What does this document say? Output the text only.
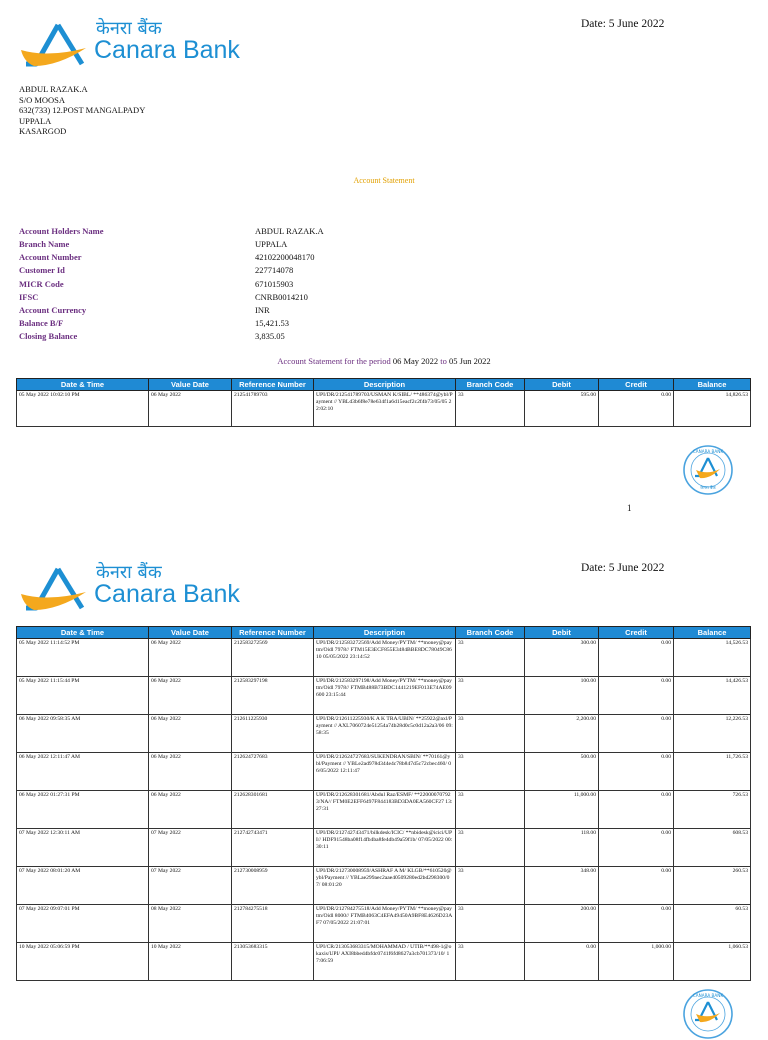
केनरा बैंक
Canara Bank
Date: 5 June 2022
ABDUL RAZAK.A
S/O MOOSA
632(733) 12.POST MANGALPADY
UPPALA
KASARGOD
Account Statement
Account Holders Name	ABDUL RAZAK.A
Branch Name	UPPALA
Account Number	42102200048170
Customer Id	227714078
MICR Code	671015903
IFSC	CNRB0014210
Account Currency	INR
Balance B/F	15,421.53
Closing Balance	3,835.05
Account Statement for the period 06 May 2022 to 05 Jun 2022
Date & Time	Value Date	Reference Number	Description	Branch Code	Debit	Credit	Balance
05 May 2022 10:02:10 PM	06 May 2022	212541789703	UPI/DR/212541789703/USMAN K/SIBL/ **486374@ybl/Payment // YBLd3b6f8e78e634f1a6d15eacf2c2f4b73/05/05 22:02:10	33	595.00	0.00	14,826.53
CANARA BANK
केनरा बैंक
1
केनरा बैंक
Canara Bank
Date: 5 June 2022
Date & Time	Value Date	Reference Number	Description	Branch Code	Debit	Credit	Balance
05 May 2022 11:14:52 PM	06 May 2022	212583272569	UPI/DR/212583272569/Add Money/PYTM/ **money@paytm/Oidl 7978// FTM15E3ECF855E3484BBE8DC78049C8610 05/05/2022 23:14:52	33	300.00	0.00	14,526.53
05 May 2022 11:15:44 PM	06 May 2022	212583297198	UPI/DR/212583297198/Add Money/PYTM/ **money@paytm/Oidl 7978// FTMB488B73BDC1441219EF013E74AE09600 23:15:44	33	100.00	0.00	14,426.53
06 May 2022 09:58:35 AM	06 May 2022	212611225930	UPI/DR/212611225930/K A K TRA/UBIN/ **25922@axl/Payment // AXL7060724e51254a74b28d0c5c0d12a2a3/06 09:58:35	33	2,200.00	0.00	12,226.53
06 May 2022 12:11:47 AM	06 May 2022	212624727683	UPI/DR/212624727683/SUKENDRAN/SBIN/ **70161@ybl/Payment // YBLe2ad978d344e4c78b847d5c72cbec460/ 06/05/2022 12:11:47	33	500.00	0.00	11,726.53
06 May 2022 01:27:31 PM	06 May 2022	212628301681	UPI/DR/212628301681/Abdul Raz/ESMF/ **220000707923/NA// FTM0E2EFF6497F844183BD3DA0EA560CF27 13:27:31	33	11,000.00	0.00	726.53
07 May 2022 12:30:11 AM	07 May 2022	212742743471	UPI/DR/212742743471/bilkdesk/ICIC/ **nbidesk@icici/UPI// HDF91548ba08f14fb4ba8fe4db49a59f1b/ 07/05/2022 00:30:11	33	118.00	0.00	608.53
07 May 2022 08:01:20 AM	07 May 2022	212730008959	UPI/DR/212730008959/ASHRAF A M/ KLGB/**610520@ybl/Payment // YBLae299aec2aae40509280ed2bd298300/07/ 08:01:20	33	348.00	0.00	260.53
07 May 2022 09:07:01 PM	08 May 2022	212784275518	UPI/DR/212784275518/Add Money/PYTM/ **money@paytm/Oidl 8000// FTMB4063C4EFA49450A9BF8E4626D23AF7 07/05/2022 21:07:01	33	200.00	0.00	60.53
10 May 2022 05:06:59 PM	10 May 2022	213053683315	UPI/CR/213053683315/MOHAMMAD / UTIB/**498-1@okaxis/UPI/ AXI8bbed4bfdc0741f6fd8627a3cb701373/10/ 17:06:59	33	0.00	1,000.00	1,060.53
CANARA BANK
